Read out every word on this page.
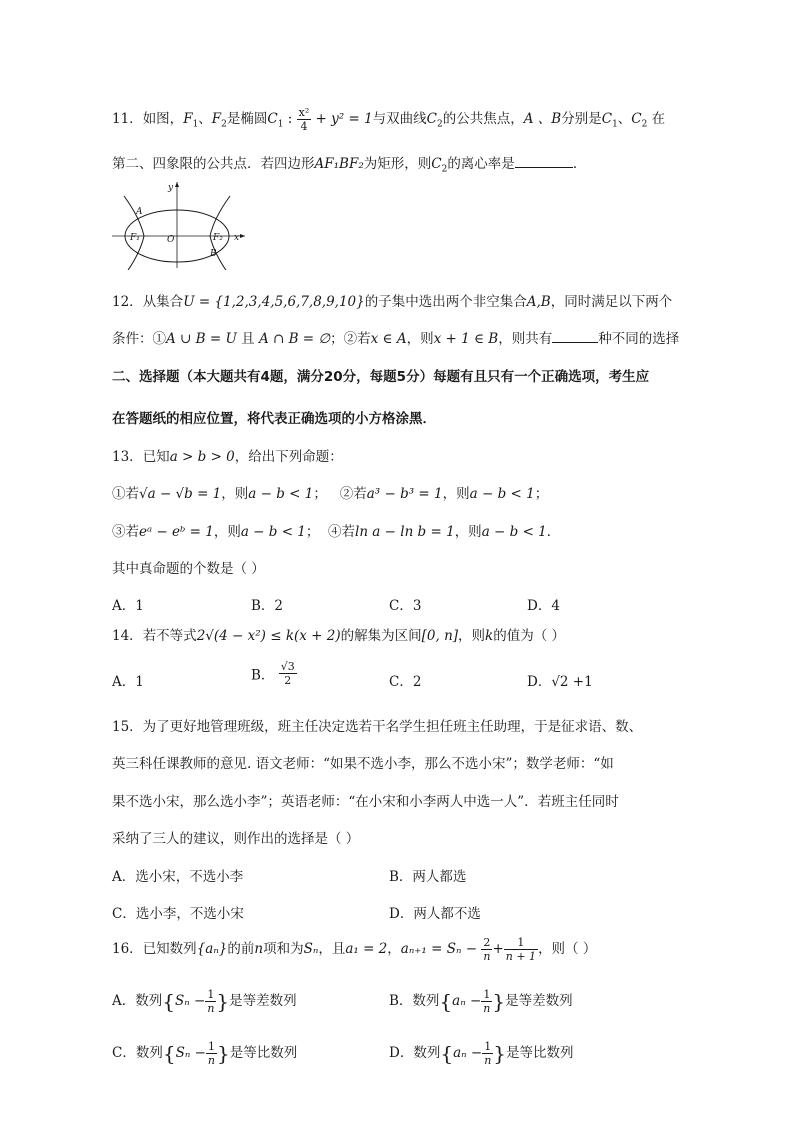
11．如图，$F_1$、$F_2$是椭圆$C_1$ : $\frac{\text{x²}}{4} + y^2 = 1$与双曲线$C_2$的公共焦点，A 、B分别是$C_1$、$C_2$ 在
第二、四象限的公共点．若四边形AF₁BF₂为矩形，则$C_2$的离心率是	．
y
x
O
A
B
F₁	F₂
12．从集合U = {1,2,3,4,5,6,7,8,9,10}的子集中选出两个非空集合A,B，同时满足以下两个
条件：①A ∪ B = U 且 A ∩ B = ∅；②若x ∈ A，则x + 1 ∈ B，则共有	种不同的选择
二、选择题（本大题共有4题，满分20分，每题5分）每题有且只有一个正确选项，考生应
在答题纸的相应位置，将代表正确选项的小方格涂黑．
13．已知a > b > 0，给出下列命题：
①若√a − √b = 1，则a − b < 1； ②若a³ − b³ = 1，则a − b < 1；
③若eᵃ − eᵇ = 1，则a − b < 1； ④若ln a − ln b = 1，则a − b < 1．
其中真命题的个数是（ ）
A．1	B．2	C．3	D．4
14．若不等式2√(4 − x²) ≤ k(x + 2)的解集为区间[0, n]，则k的值为（ ）
A．1	B． $\frac{√3}{2}$	C．2	D．√2 +1
15．为了更好地管理班级，班主任决定选若干名学生担任班主任助理，于是征求语、数、
英三科任课教师的意见. 语文老师：“如果不选小李，那么不选小宋”；数学老师：“如
果不选小宋，那么选小李”；英语老师：“在小宋和小李两人中选一人”．若班主任同时
采纳了三人的建议，则作出的选择是（ ）
A．选小宋，不选小李	B．两人都选
C．选小李，不选小宋	D．两人都不选
16．已知数列{aₙ}的前n项和为Sₙ，且a₁ = 2，$a_{n+1} = S_n - \frac{2}{n} + \frac{1}{n + 1}$ ，则（ ）
A．数列{$S_n - \frac{1}{n}$ }是等差数列	B．数列{$a_n - \frac{1}{n}$ }是等差数列
C．数列{$S_n - \frac{1}{n}$ }是等比数列	D．数列{$a_n - \frac{1}{n}$ }是等比数列
